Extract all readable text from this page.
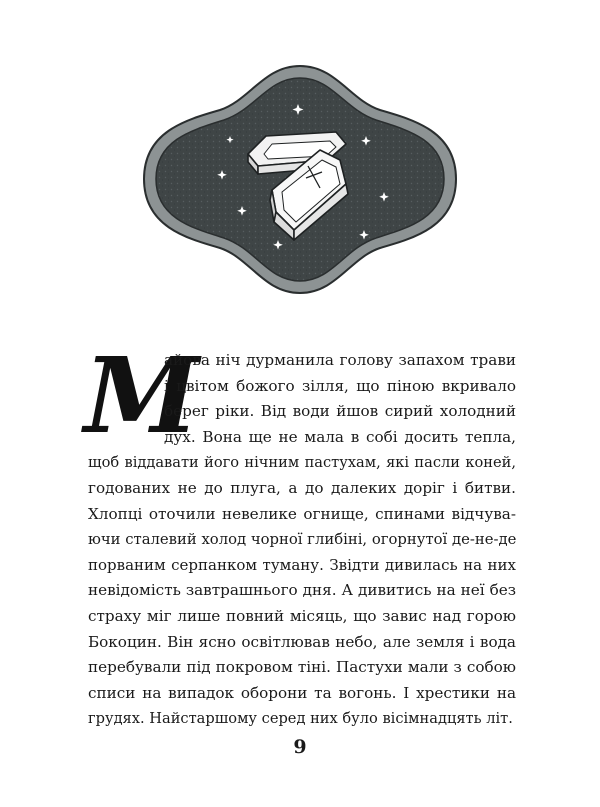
М
айова ніч дурманила голову запахом трави
і цвітом божого зілля, що піною вкривало
берег ріки. Від води йшов сирий холодний
дух. Вона ще не мала в собі досить тепла,
щоб віддавати його нічним пастухам, які пасли коней,
годованих не до плуга, а до далеких доріг і битви.
Хлопці оточили невелике огнище, спинами відчува-
ючи сталевий холод чорної глибіні, огорнутої де-не-де
порваним серпанком туману. Звідти дивилась на них
невідомість завтрашнього дня. А дивитись на неї без
страху міг лише повний місяць, що завис над горою
Бокоцин. Він ясно освітлював небо, але земля і вода
перебували під покровом тіні. Пастухи мали з собою
списи на випадок оборони та вогонь. І хрестики на
грудях. Найстаршому серед них було вісімнадцять літ.
9
